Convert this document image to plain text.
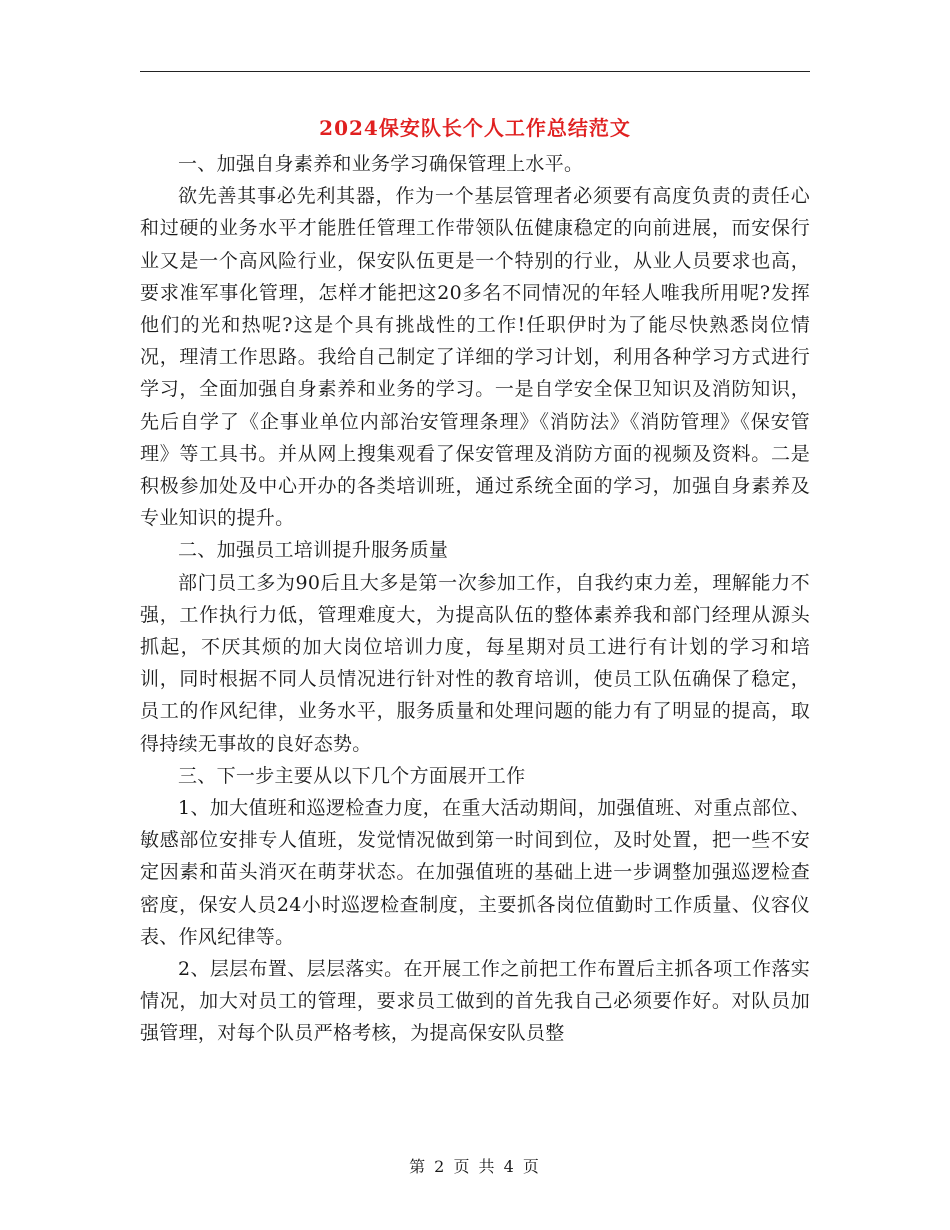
2024保安队长个人工作总结范文

一、加强自身素养和业务学习确保管理上水平。

欲先善其事必先利其器，作为一个基层管理者必须要有高度负责的责任心和过硬的业务水平才能胜任管理工作带领队伍健康稳定的向前进展，而安保行业又是一个高风险行业，保安队伍更是一个特别的行业，从业人员要求也高，要求准军事化管理，怎样才能把这20多名不同情况的年轻人唯我所用呢?发挥他们的光和热呢?这是个具有挑战性的工作!任职伊时为了能尽快熟悉岗位情况，理清工作思路。我给自己制定了详细的学习计划，利用各种学习方式进行学习，全面加强自身素养和业务的学习。一是自学安全保卫知识及消防知识，先后自学了《企事业单位内部治安管理条理》《消防法》《消防管理》《保安管理》等工具书。并从网上搜集观看了保安管理及消防方面的视频及资料。二是积极参加处及中心开办的各类培训班，通过系统全面的学习，加强自身素养及专业知识的提升。

二、加强员工培训提升服务质量

部门员工多为90后且大多是第一次参加工作，自我约束力差，理解能力不强，工作执行力低，管理难度大，为提高队伍的整体素养我和部门经理从源头抓起，不厌其烦的加大岗位培训力度，每星期对员工进行有计划的学习和培训，同时根据不同人员情况进行针对性的教育培训，使员工队伍确保了稳定，员工的作风纪律，业务水平，服务质量和处理问题的能力有了明显的提高，取得持续无事故的良好态势。

三、下一步主要从以下几个方面展开工作

1、加大值班和巡逻检查力度，在重大活动期间，加强值班、对重点部位、敏感部位安排专人值班，发觉情况做到第一时间到位，及时处置，把一些不安定因素和苗头消灭在萌芽状态。在加强值班的基础上进一步调整加强巡逻检查密度，保安人员24小时巡逻检查制度，主要抓各岗位值勤时工作质量、仪容仪表、作风纪律等。

2、层层布置、层层落实。在开展工作之前把工作布置后主抓各项工作落实情况，加大对员工的管理，要求员工做到的首先我自己必须要作好。对队员加强管理，对每个队员严格考核，为提高保安队员整

第 2 页 共 4 页
